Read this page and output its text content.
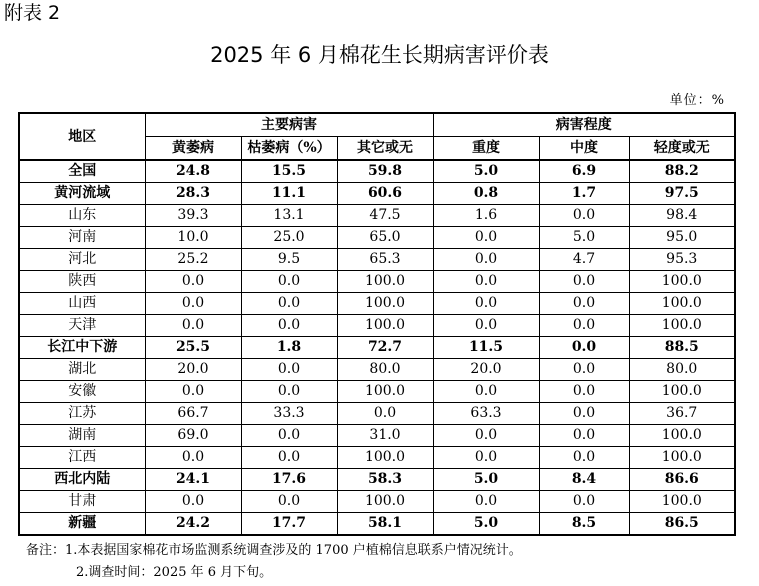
附表 2
2025 年 6 月棉花生长期病害评价表
单位：%
地区	主要病害			病害程度		
	黄萎病	枯萎病（%）	其它或无	重度	中度	轻度或无
全国	24.8	15.5	59.8	5.0	6.9	88.2
黄河流域	28.3	11.1	60.6	0.8	1.7	97.5
山东	39.3	13.1	47.5	1.6	0.0	98.4
河南	10.0	25.0	65.0	0.0	5.0	95.0
河北	25.2	9.5	65.3	0.0	4.7	95.3
陕西	0.0	0.0	100.0	0.0	0.0	100.0
山西	0.0	0.0	100.0	0.0	0.0	100.0
天津	0.0	0.0	100.0	0.0	0.0	100.0
长江中下游	25.5	1.8	72.7	11.5	0.0	88.5
湖北	20.0	0.0	80.0	20.0	0.0	80.0
安徽	0.0	0.0	100.0	0.0	0.0	100.0
江苏	66.7	33.3	0.0	63.3	0.0	36.7
湖南	69.0	0.0	31.0	0.0	0.0	100.0
江西	0.0	0.0	100.0	0.0	0.0	100.0
西北内陆	24.1	17.6	58.3	5.0	8.4	86.6
甘肃	0.0	0.0	100.0	0.0	0.0	100.0
新疆	24.2	17.7	58.1	5.0	8.5	86.5
备注：1.本表据国家棉花市场监测系统调查涉及的 1700 户植棉信息联系户情况统计。
2.调查时间：2025 年 6 月下旬。
